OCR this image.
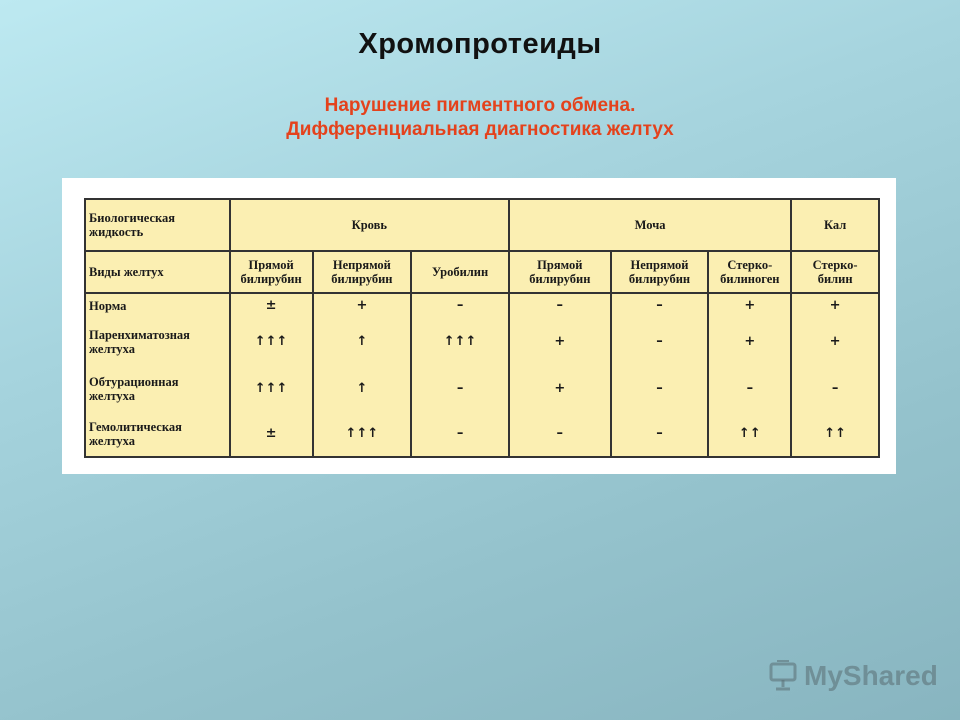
Хромопротеиды
Нарушение пигментного обмена.
Дифференциальная диагностика желтух
Биологическая жидкость	Кровь			Моча			Кал
Виды желтух	Прямой билирубин	Непрямой билирубин	Уробилин	Прямой билирубин	Непрямой билирубин	Стерко-билиноген	Стерко-билин
Норма	±	+	–	–	–	+	+
Паренхиматозная желтуха	↑↑↑	↑	↑↑↑	+	–	+	+
Обтурационная желтуха	↑↑↑	↑	–	+	–	–	–
Гемолитическая желтуха	±	↑↑↑	–	–	–	↑↑	↑↑
My Shared
